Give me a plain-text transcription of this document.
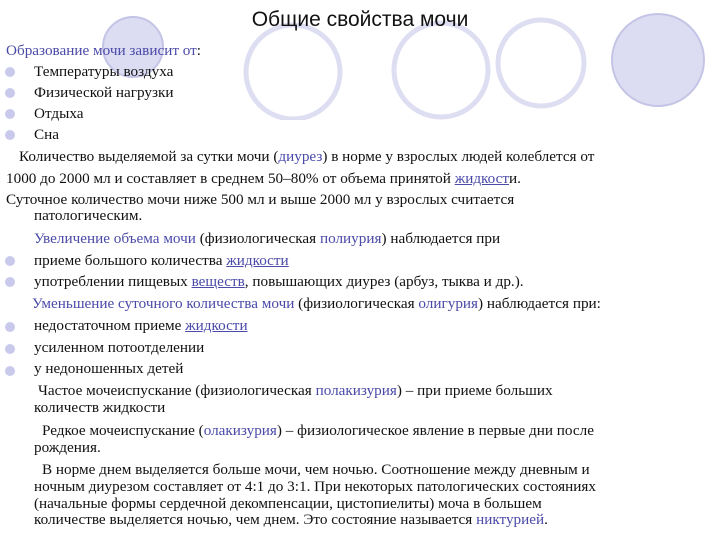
Общие свойства мочи
Образование мочи зависит от:
Температуры воздуха
Физической нагрузки
Отдыха
Сна
Количество выделяемой за сутки мочи (диурез) в норме у взрослых людей колеблется от
1000 до 2000 мл и составляет в среднем 50–80% от объема принятой жидкости.
Суточное количество мочи ниже 500 мл и выше 2000 мл у взрослых считается
патологическим.
Увеличение объема мочи (физиологическая полиурия) наблюдается при
приеме большого количества жидкости
употреблении пищевых веществ, повышающих диурез (арбуз, тыква и др.).
Уменьшение суточного количества мочи (физиологическая олигурия) наблюдается при:
недостаточном приеме жидкости
усиленном потоотделении
у недоношенных детей
Частое мочеиспускание (физиологическая полакизурия) – при приеме больших
количеств жидкости
Редкое мочеиспускание (олакизурия) – физиологическое явление в первые дни после
рождения.
В норме днем выделяется больше мочи, чем ночью. Соотношение между дневным и
ночным диурезом составляет от 4:1 до 3:1. При некоторых патологических состояниях
(начальные формы сердечной декомпенсации, цистопиелиты) моча в большем
количестве выделяется ночью, чем днем. Это состояние называется никтурией.
